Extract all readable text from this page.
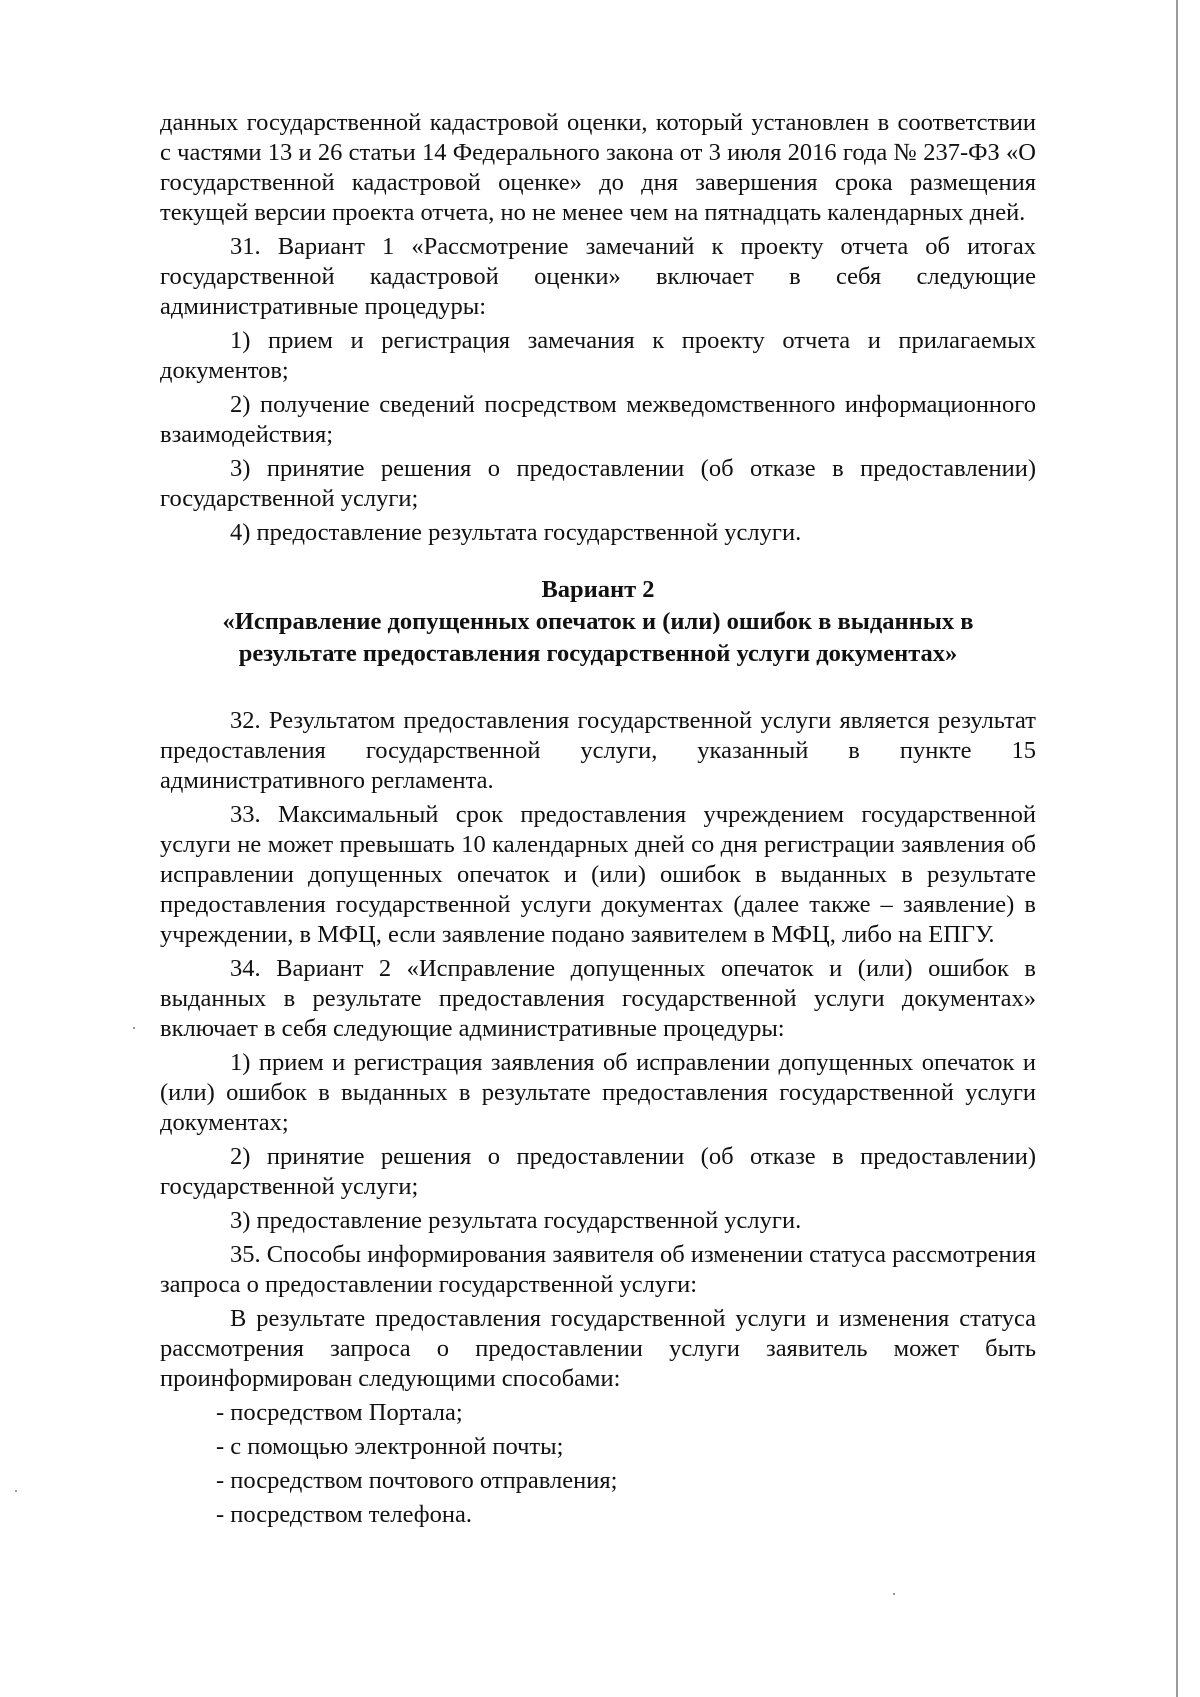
данных государственной кадастровой оценки, который установлен в соответствии с частями 13 и 26 статьи 14 Федерального закона от 3 июля 2016 года № 237-ФЗ «О государственной кадастровой оценке» до дня завершения срока размещения текущей версии проекта отчета, но не менее чем на пятнадцать календарных дней.

31. Вариант 1 «Рассмотрение замечаний к проекту отчета об итогах государственной кадастровой оценки» включает в себя следующие административные процедуры:

1) прием и регистрация замечания к проекту отчета и прилагаемых документов;

2) получение сведений посредством межведомственного информационного взаимодействия;

3) принятие решения о предоставлении (об отказе в предоставлении) государственной услуги;

4) предоставление результата государственной услуги.

Вариант 2
«Исправление допущенных опечаток и (или) ошибок в выданных в
результате предоставления государственной услуги документах»

32. Результатом предоставления государственной услуги является результат предоставления государственной услуги, указанный в пункте 15 административного регламента.

33. Максимальный срок предоставления учреждением государственной услуги не может превышать 10 календарных дней со дня регистрации заявления об исправлении допущенных опечаток и (или) ошибок в выданных в результате предоставления государственной услуги документах (далее также – заявление) в учреждении, в МФЦ, если заявление подано заявителем в МФЦ, либо на ЕПГУ.

34. Вариант 2 «Исправление допущенных опечаток и (или) ошибок в выданных в результате предоставления государственной услуги документах» включает в себя следующие административные процедуры:

1) прием и регистрация заявления об исправлении допущенных опечаток и (или) ошибок в выданных в результате предоставления государственной услуги документах;

2) принятие решения о предоставлении (об отказе в предоставлении) государственной услуги;

3) предоставление результата государственной услуги.

35. Способы информирования заявителя об изменении статуса рассмотрения запроса о предоставлении государственной услуги:

В результате предоставления государственной услуги и изменения статуса рассмотрения запроса о предоставлении услуги заявитель может быть проинформирован следующими способами:

- посредством Портала;

- с помощью электронной почты;

- посредством почтового отправления;

- посредством телефона.
